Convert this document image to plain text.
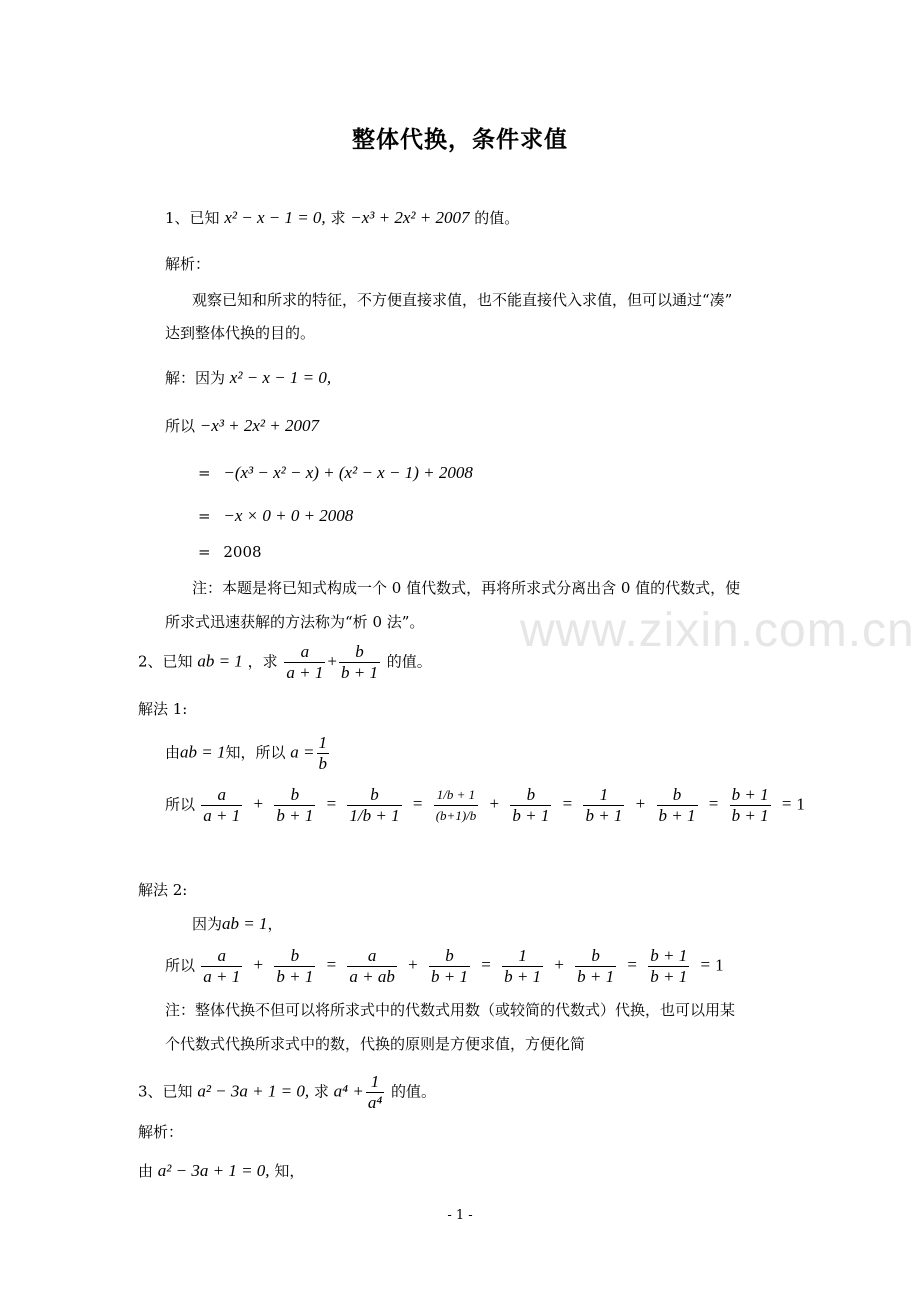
整体代换，条件求值
1、已知 x² − x − 1 = 0, 求 −x³ + 2x² + 2007 的值。
解析：
观察已知和所求的特征，不方便直接求值，也不能直接代入求值，但可以通过“凑”
达到整体代换的目的。
解：因为 x² − x − 1 = 0,
所以 −x³ + 2x² + 2007
= −(x³ − x² − x) + (x² − x − 1) + 2008
= −x × 0 + 0 + 2008
= 2008
注：本题是将已知式构成一个 0 值代数式，再将所求式分离出含 0 值的代数式，使
所求式迅速获解的方法称为“析 0 法”。 www.zixin.com.cn
2、已知 ab = 1 ，求 $\frac{a}{a + 1} + \frac{b}{b + 1}$ 的值。
解法 1:
由ab = 1知，所以 $a = \frac{1}{b}$
所以 $\frac{a}{a + 1} + \frac{b}{b + 1} = \frac{b}{1/b + 1} = \frac{1/b + 1}{(b+1)/b} + \frac{b}{b + 1} = \frac{1}{b + 1} + \frac{b}{b + 1} = \frac{b + 1}{b + 1} = 1$
解法 2:
因为ab = 1，
所以 $\frac{a}{a + 1} + \frac{b}{b + 1} = \frac{a}{a + ab} + \frac{b}{b + 1} = \frac{1}{b + 1} + \frac{b}{b + 1} = \frac{b + 1}{b + 1} = 1$
注：整体代换不但可以将所求式中的代数式用数（或较简的代数式）代换，也可以用某
个代数式代换所求式中的数，代换的原则是方便求值，方便化简
3、已知 a² − 3a + 1 = 0, 求 $a^4 + \frac{1}{\text{a⁴}}$ 的值。
解析：
由 a² − 3a + 1 = 0, 知，
- 1 -
